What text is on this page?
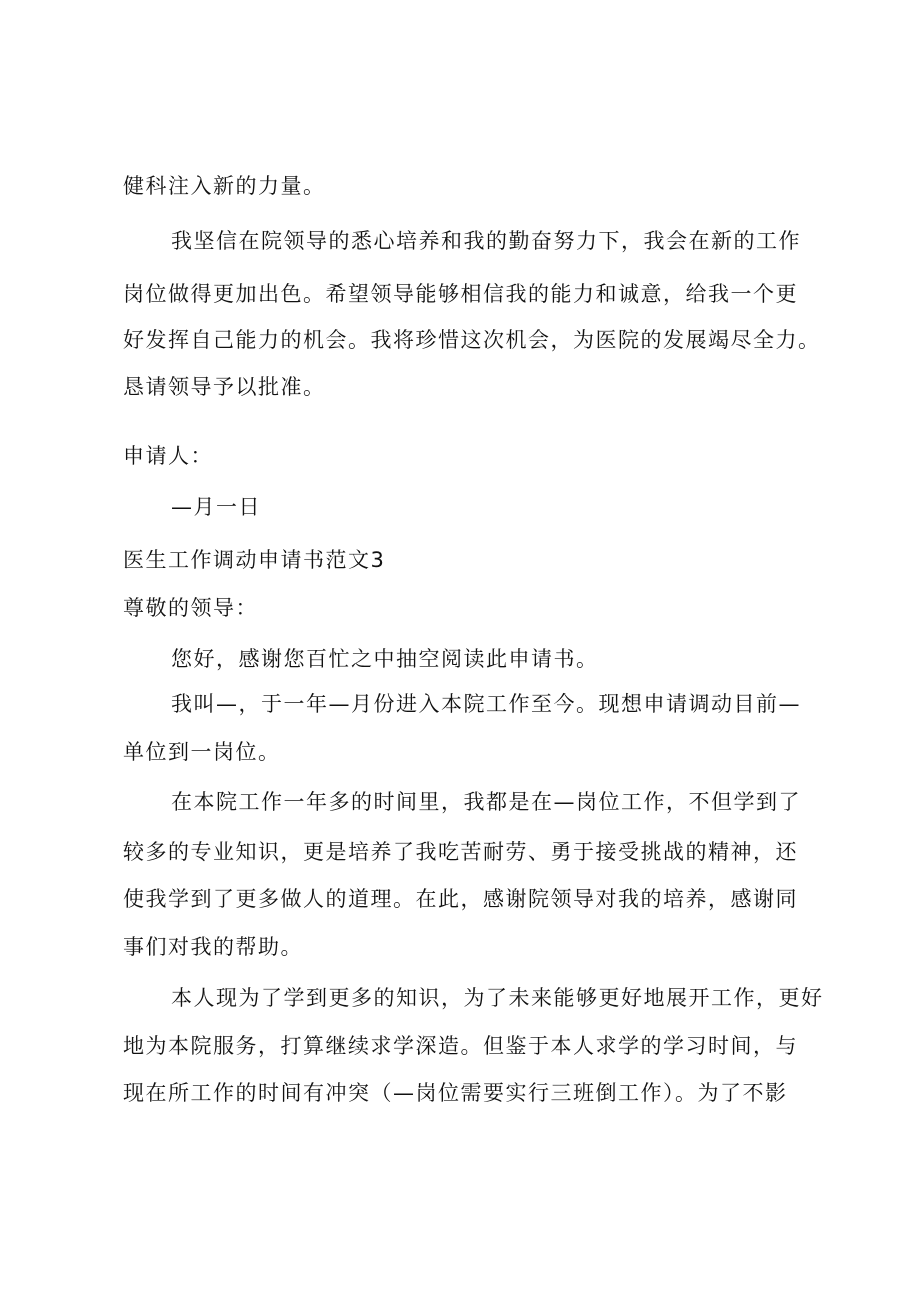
健科注入新的力量。
我坚信在院领导的悉心培养和我的勤奋努力下，我会在新的工作
岗位做得更加出色。希望领导能够相信我的能力和诚意，给我一个更
好发挥自己能力的机会。我将珍惜这次机会，为医院的发展竭尽全力。
恳请领导予以批准。
申请人：
—月一日
医生工作调动申请书范文3
尊敬的领导：
您好，感谢您百忙之中抽空阅读此申请书。
我叫—，于一年—月份进入本院工作至今。现想申请调动目前—
单位到一岗位。
在本院工作一年多的时间里，我都是在—岗位工作，不但学到了
较多的专业知识，更是培养了我吃苦耐劳、勇于接受挑战的精神，还
使我学到了更多做人的道理。在此，感谢院领导对我的培养，感谢同
事们对我的帮助。
本人现为了学到更多的知识，为了未来能够更好地展开工作，更好
地为本院服务，打算继续求学深造。但鉴于本人求学的学习时间，与
现在所工作的时间有冲突（—岗位需要实行三班倒工作）。为了不影
